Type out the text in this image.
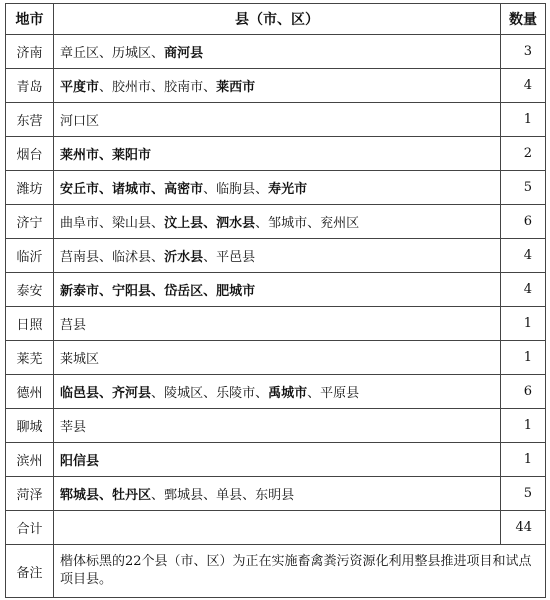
地市	县（市、区）	数量
济南	章丘区、历城区、商河县	3
青岛	平度市、胶州市、胶南市、莱西市	4
东营	河口区	1
烟台	莱州市、莱阳市	2
潍坊	安丘市、诸城市、高密市、临朐县、寿光市	5
济宁	曲阜市、梁山县、汶上县、泗水县、邹城市、兖州区	6
临沂	莒南县、临沭县、沂水县、平邑县	4
泰安	新泰市、宁阳县、岱岳区、肥城市	4
日照	莒县	1
莱芜	莱城区	1
德州	临邑县、齐河县、陵城区、乐陵市、禹城市、平原县	6
聊城	莘县	1
滨州	阳信县	1
菏泽	郓城县、牡丹区、鄄城县、单县、东明县	5
合计		44
备注	楷体标黑的22个县（市、区）为正在实施畜禽粪污资源化利用整县推进项目和试点项目县。	
